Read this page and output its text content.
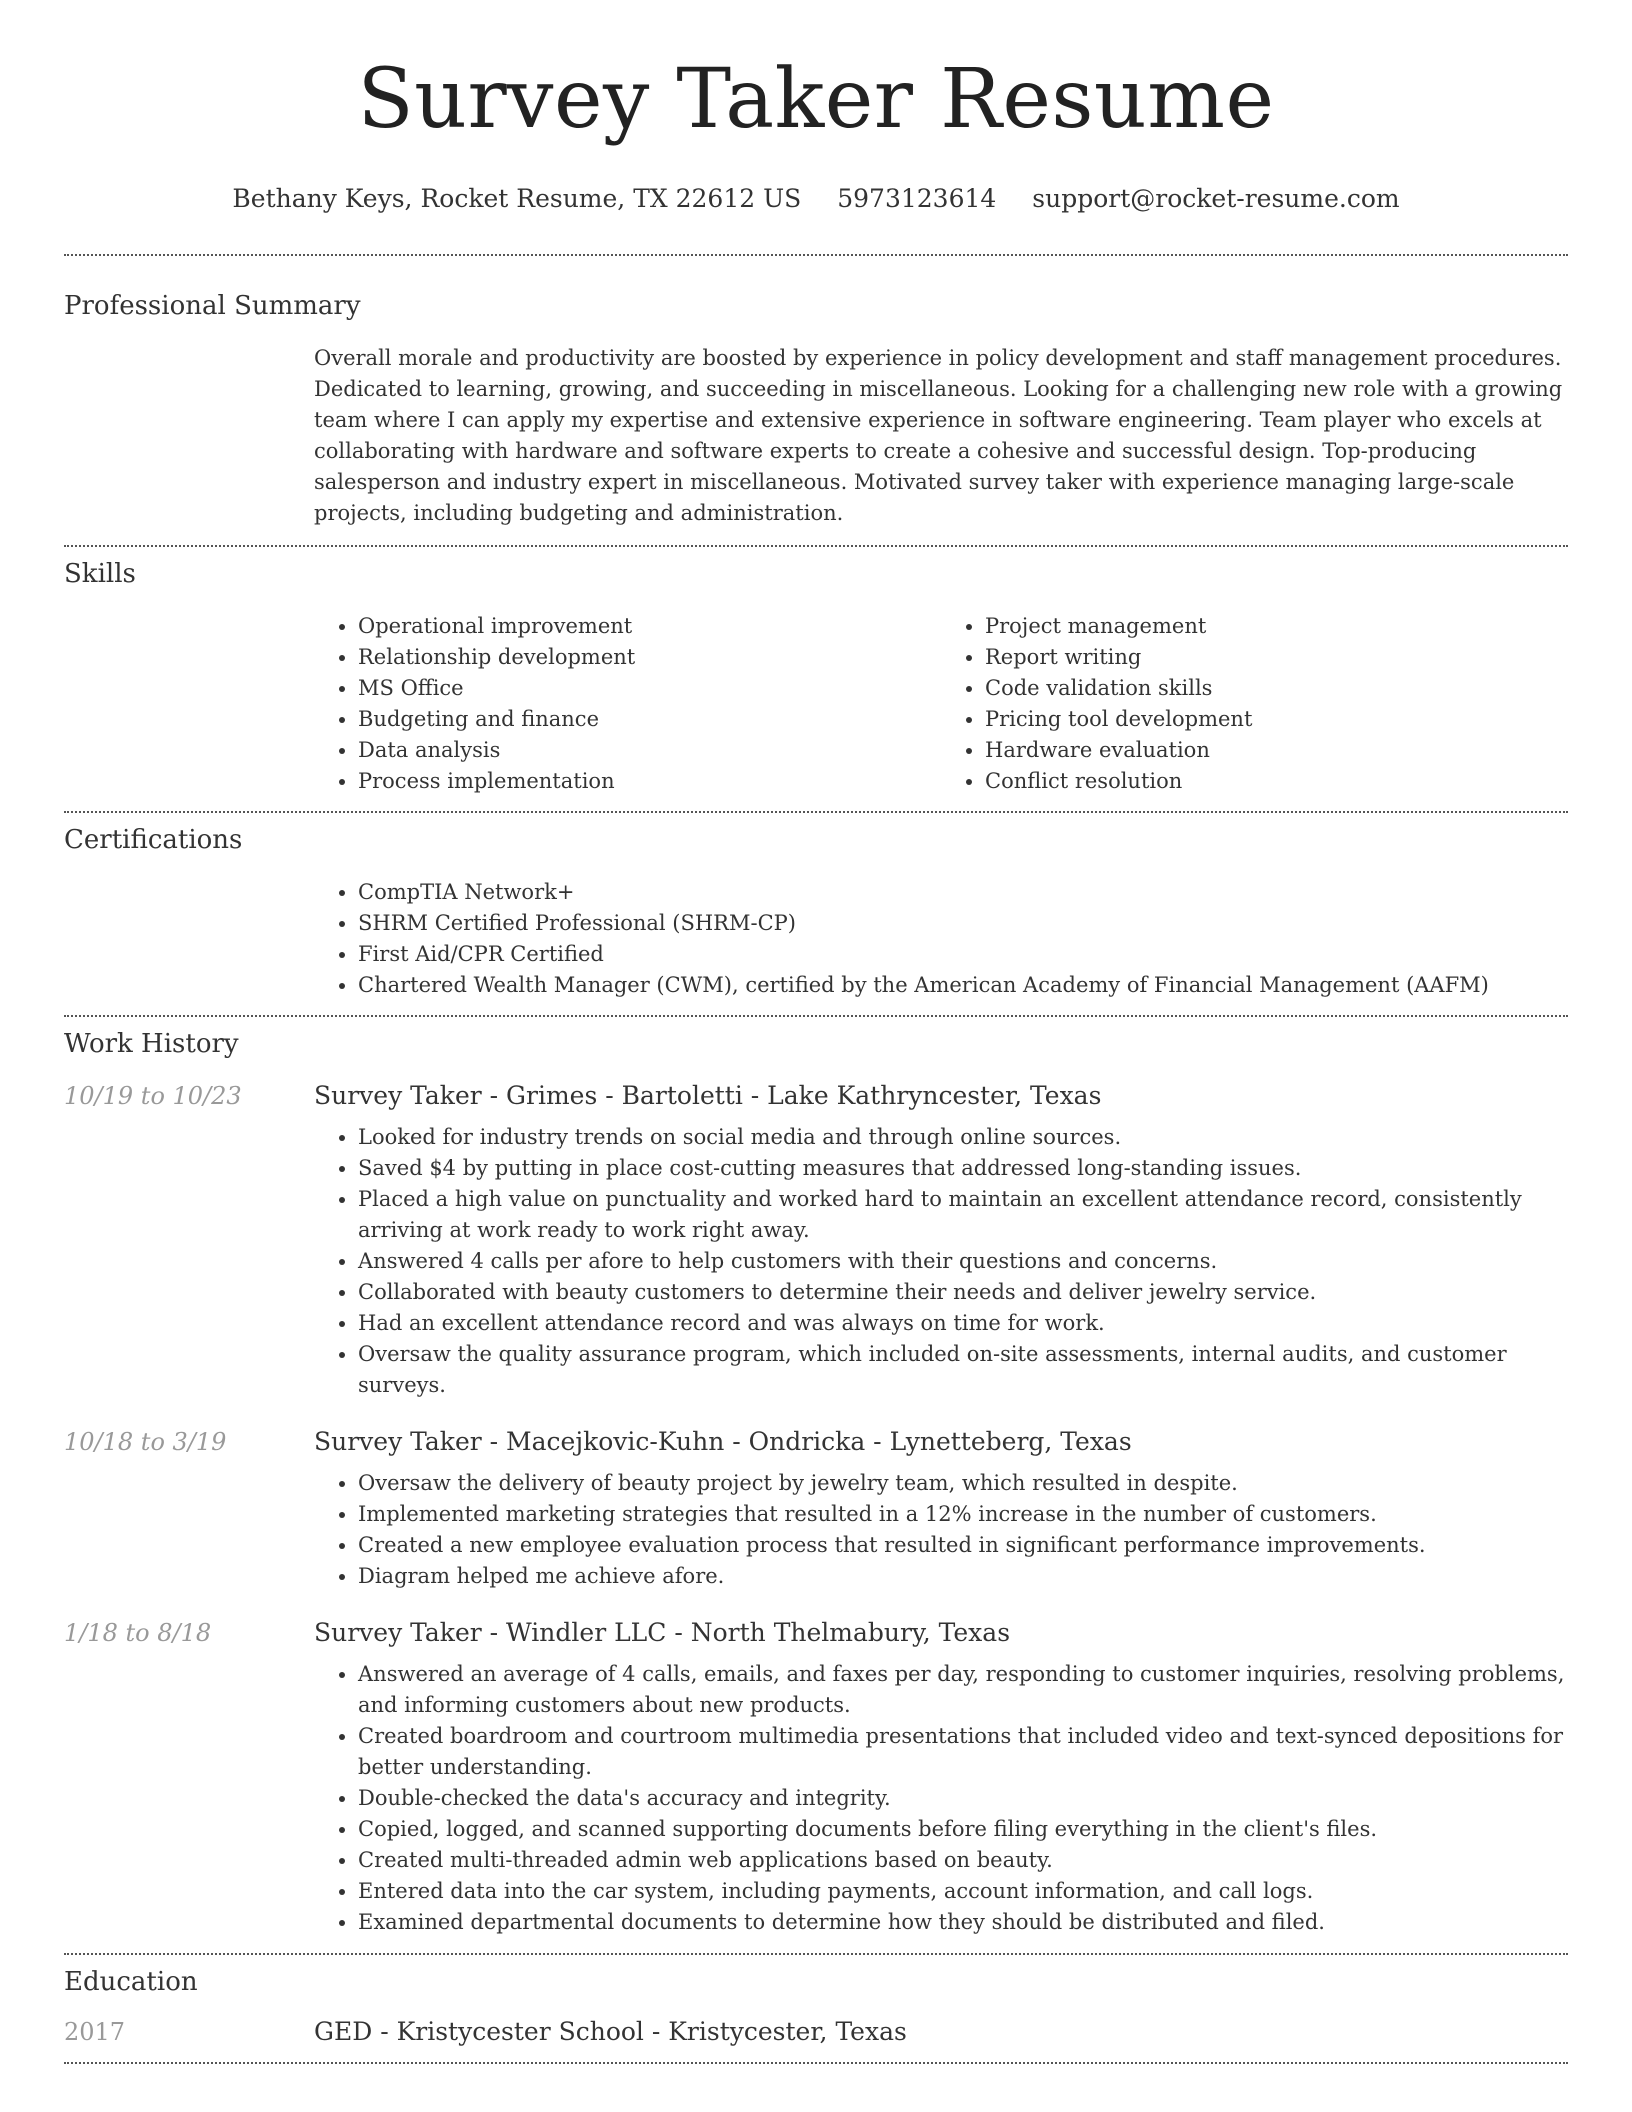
Survey Taker Resume
Bethany Keys, Rocket Resume, TX 22612 US 5973123614 support@rocket-resume.com
Professional Summary

Overall morale and productivity are boosted by experience in policy development and staff management procedures. Dedicated to learning, growing, and succeeding in miscellaneous. Looking for a challenging new role with a growing team where I can apply my expertise and extensive experience in software engineering. Team player who excels at collaborating with hardware and software experts to create a cohesive and successful design. Top-producing salesperson and industry expert in miscellaneous. Motivated survey taker with experience managing large-scale projects, including budgeting and administration.

Skills
• Operational improvement
• Relationship development
• MS Office
• Budgeting and finance
• Data analysis
• Process implementation
• Project management
• Report writing
• Code validation skills
• Pricing tool development
• Hardware evaluation
• Conflict resolution
Certifications
• CompTIA Network+
• SHRM Certified Professional (SHRM-CP)
• First Aid/CPR Certified
• Chartered Wealth Manager (CWM), certified by the American Academy of Financial Management (AAFM)
Work History
10/19 to 10/23	Survey Taker - Grimes - Bartoletti - Lake Kathryncester, Texas
• Looked for industry trends on social media and through online sources.
• Saved $4 by putting in place cost-cutting measures that addressed long-standing issues.
• Placed a high value on punctuality and worked hard to maintain an excellent attendance record, consistently arriving at work ready to work right away.
• Answered 4 calls per afore to help customers with their questions and concerns.
• Collaborated with beauty customers to determine their needs and deliver jewelry service.
• Had an excellent attendance record and was always on time for work.
• Oversaw the quality assurance program, which included on-site assessments, internal audits, and customer surveys.
10/18 to 3/19	Survey Taker - Macejkovic-Kuhn - Ondricka - Lynetteberg, Texas
• Oversaw the delivery of beauty project by jewelry team, which resulted in despite.
• Implemented marketing strategies that resulted in a 12% increase in the number of customers.
• Created a new employee evaluation process that resulted in significant performance improvements.
• Diagram helped me achieve afore.
1/18 to 8/18	Survey Taker - Windler LLC - North Thelmabury, Texas
• Answered an average of 4 calls, emails, and faxes per day, responding to customer inquiries, resolving problems, and informing customers about new products.
• Created boardroom and courtroom multimedia presentations that included video and text-synced depositions for better understanding.
• Double-checked the data's accuracy and integrity.
• Copied, logged, and scanned supporting documents before filing everything in the client's files.
• Created multi-threaded admin web applications based on beauty.
• Entered data into the car system, including payments, account information, and call logs.
• Examined departmental documents to determine how they should be distributed and filed.
Education
2017	GED - Kristycester School - Kristycester, Texas
